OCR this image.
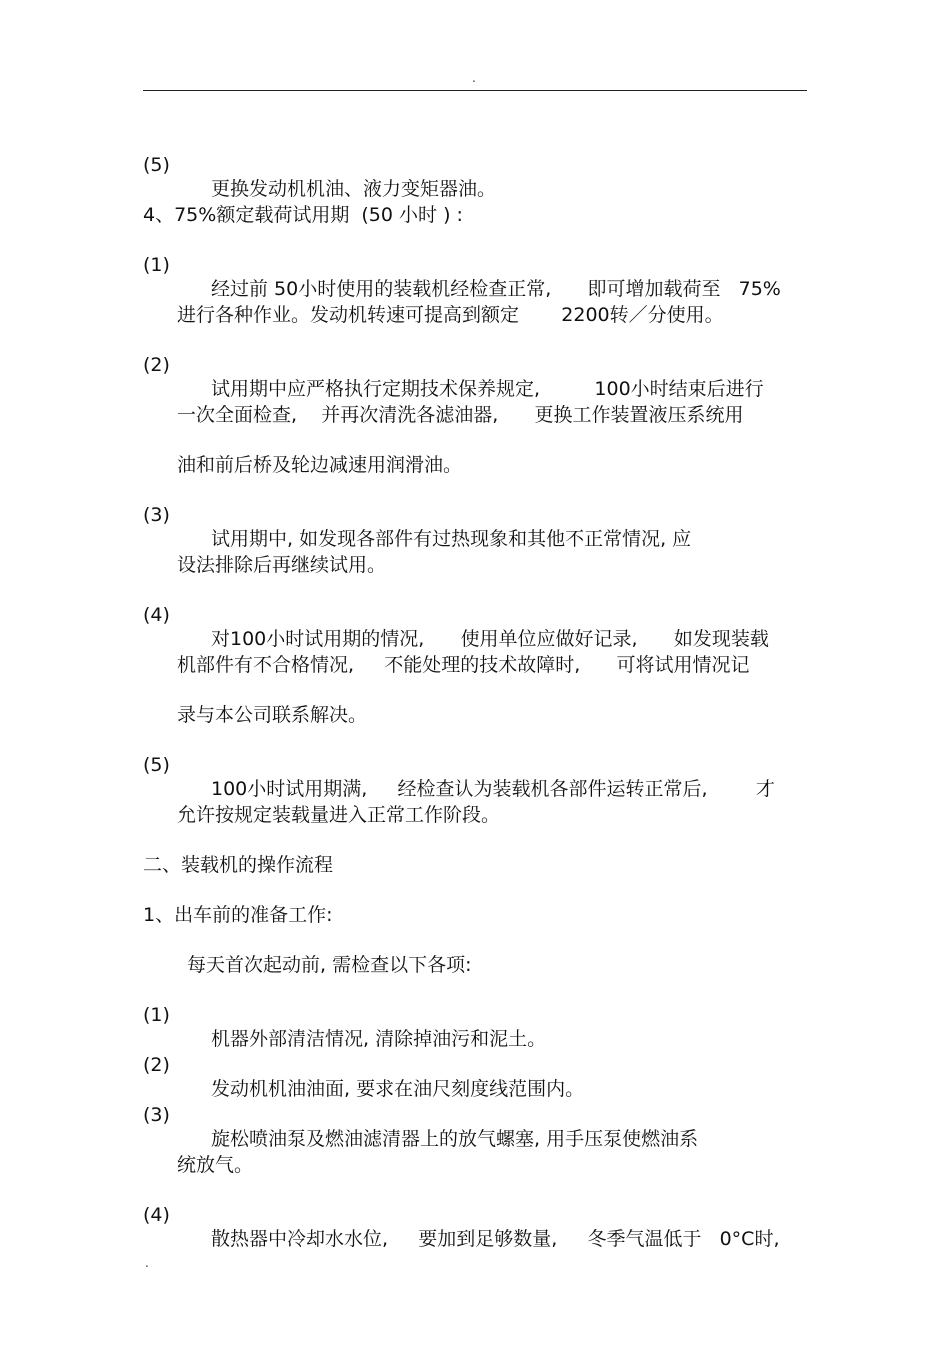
.

(5)

更换发动机机油、液力变矩器油。

4、75%额定载荷试用期  (50 小时 ) :

(1)

经过前 50小时使用的装载机经检查正常,      即可增加载荷至   75%

进行各种作业。发动机转速可提高到额定       2200转／分使用。

(2)

试用期中应严格执行定期技术保养规定,         100小时结束后进行

一次全面检查,    并再次清洗各滤油器,      更换工作装置液压系统用

油和前后桥及轮边减速用润滑油。

(3)

试用期中, 如发现各部件有过热现象和其他不正常情况, 应

设法排除后再继续试用。

(4)

对100小时试用期的情况,      使用单位应做好记录,      如发现装载

机部件有不合格情况,     不能处理的技术故障时,      可将试用情况记

录与本公司联系解决。

(5)

100小时试用期满,     经检查认为装载机各部件运转正常后,        才

允许按规定装载量进入正常工作阶段。

二、装载机的操作流程

1、出车前的准备工作:

每天首次起动前, 需检查以下各项:

(1)

机器外部清洁情况, 清除掉油污和泥土。

(2)

发动机机油油面, 要求在油尺刻度线范围内。

(3)

旋松喷油泵及燃油滤清器上的放气螺塞, 用手压泵使燃油系

统放气。

(4)

散热器中冷却水水位,     要加到足够数量,     冬季气温低于   0°C时,

.
